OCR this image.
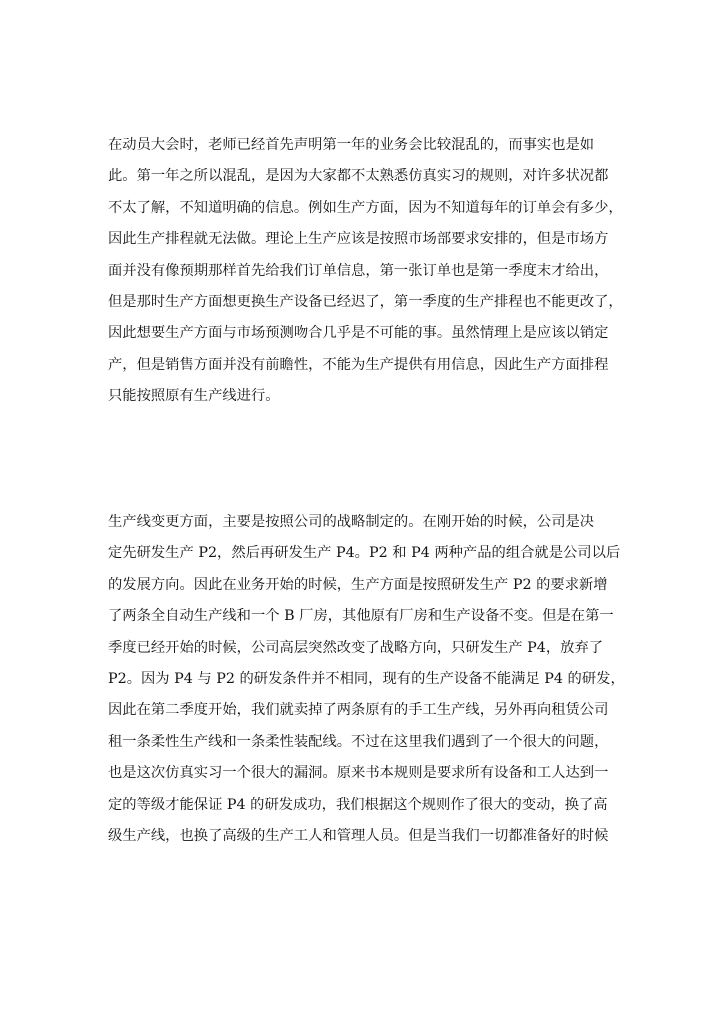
在动员大会时，老师已经首先声明第一年的业务会比较混乱的，而事实也是如
此。第一年之所以混乱，是因为大家都不太熟悉仿真实习的规则，对许多状况都
不太了解，不知道明确的信息。例如生产方面，因为不知道每年的订单会有多少，
因此生产排程就无法做。理论上生产应该是按照市场部要求安排的，但是市场方
面并没有像预期那样首先给我们订单信息，第一张订单也是第一季度末才给出，
但是那时生产方面想更换生产设备已经迟了，第一季度的生产排程也不能更改了，
因此想要生产方面与市场预测吻合几乎是不可能的事。虽然情理上是应该以销定
产，但是销售方面并没有前瞻性，不能为生产提供有用信息，因此生产方面排程
只能按照原有生产线进行。
生产线变更方面，主要是按照公司的战略制定的。在刚开始的时候，公司是决
定先研发生产 P2，然后再研发生产 P4。P2 和 P4 两种产品的组合就是公司以后
的发展方向。因此在业务开始的时候，生产方面是按照研发生产 P2 的要求新增
了两条全自动生产线和一个 B 厂房，其他原有厂房和生产设备不变。但是在第一
季度已经开始的时候，公司高层突然改变了战略方向，只研发生产 P4，放弃了
P2。因为 P4 与 P2 的研发条件并不相同，现有的生产设备不能满足 P4 的研发，
因此在第二季度开始，我们就卖掉了两条原有的手工生产线，另外再向租赁公司
租一条柔性生产线和一条柔性装配线。不过在这里我们遇到了一个很大的问题，
也是这次仿真实习一个很大的漏洞。原来书本规则是要求所有设备和工人达到一
定的等级才能保证 P4 的研发成功，我们根据这个规则作了很大的变动，换了高
级生产线，也换了高级的生产工人和管理人员。但是当我们一切都准备好的时候
